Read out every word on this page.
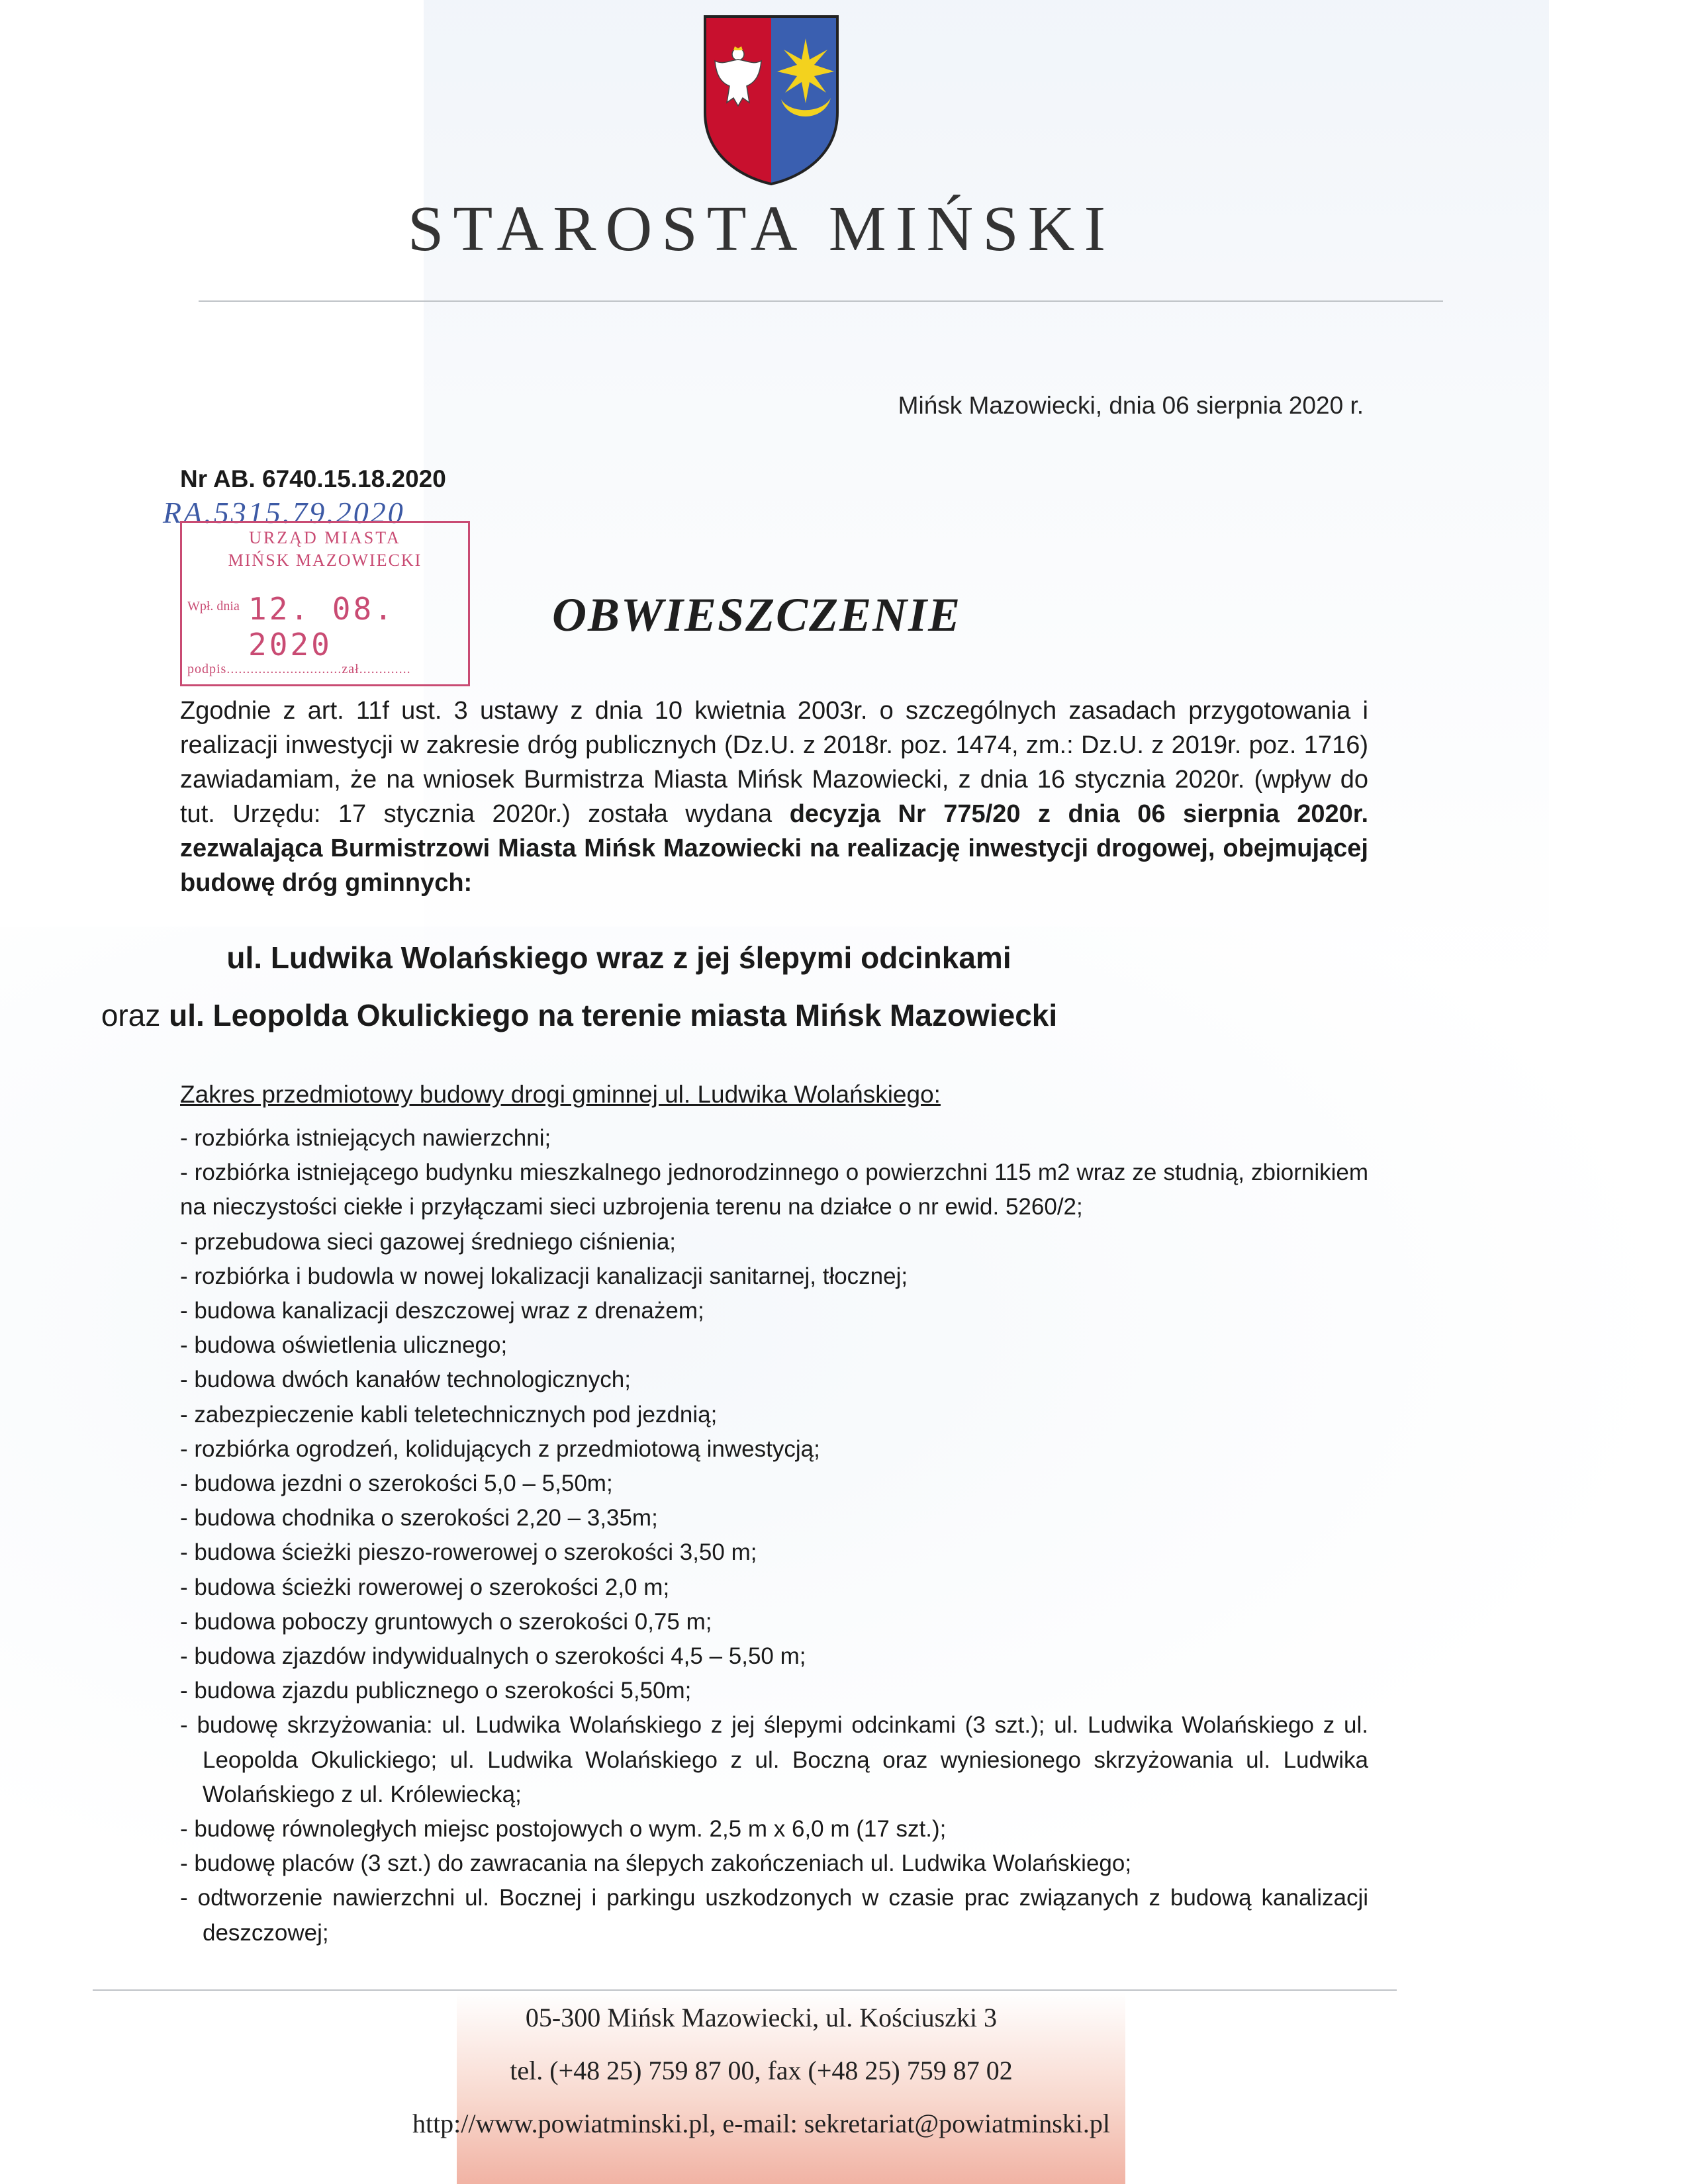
STAROSTA MIŃSKI
Mińsk Mazowiecki, dnia 06 sierpnia 2020 r.
Nr AB. 6740.15.18.2020
RA.5315.79.2020
URZĄD MIASTA
MIŃSK MAZOWIECKI
Wpł. dnia 12. 08. 2020
podpis.............................zał.............
OBWIESZCZENIE
Zgodnie z art. 11f ust. 3 ustawy z dnia 10 kwietnia 2003r. o szczególnych zasadach przygotowania i realizacji inwestycji w zakresie dróg publicznych (Dz.U. z 2018r. poz. 1474, zm.: Dz.U. z 2019r. poz. 1716) zawiadamiam, że na wniosek Burmistrza Miasta Mińsk Mazowiecki, z dnia 16 stycznia 2020r. (wpływ do tut. Urzędu: 17 stycznia 2020r.) została wydana decyzja Nr 775/20 z dnia 06 sierpnia 2020r. zezwalająca Burmistrzowi Miasta Mińsk Mazowiecki na realizację inwestycji drogowej, obejmującej budowę dróg gminnych:
ul. Ludwika Wolańskiego wraz z jej ślepymi odcinkami
oraz ul. Leopolda Okulickiego na terenie miasta Mińsk Mazowiecki
Zakres przedmiotowy budowy drogi gminnej ul. Ludwika Wolańskiego:
- rozbiórka istniejących nawierzchni;
- rozbiórka istniejącego budynku mieszkalnego jednorodzinnego o powierzchni 115 m2 wraz ze studnią, zbiornikiem na nieczystości ciekłe i przyłączami sieci uzbrojenia terenu na działce o nr ewid. 5260/2;
- przebudowa sieci gazowej średniego ciśnienia;
- rozbiórka i budowla w nowej lokalizacji kanalizacji sanitarnej, tłocznej;
- budowa kanalizacji deszczowej wraz z drenażem;
- budowa oświetlenia ulicznego;
- budowa dwóch kanałów technologicznych;
- zabezpieczenie kabli teletechnicznych pod jezdnią;
- rozbiórka ogrodzeń, kolidujących z przedmiotową inwestycją;
- budowa jezdni o szerokości 5,0 – 5,50m;
- budowa chodnika o szerokości 2,20 – 3,35m;
- budowa ścieżki pieszo-rowerowej o szerokości 3,50 m;
- budowa ścieżki rowerowej o szerokości 2,0 m;
- budowa poboczy gruntowych o szerokości 0,75 m;
- budowa zjazdów indywidualnych o szerokości 4,5 – 5,50 m;
- budowa zjazdu publicznego o szerokości 5,50m;
- budowę skrzyżowania: ul. Ludwika Wolańskiego z jej ślepymi odcinkami (3 szt.); ul. Ludwika Wolańskiego z ul. Leopolda Okulickiego; ul. Ludwika Wolańskiego z ul. Boczną oraz wyniesionego skrzyżowania ul. Ludwika Wolańskiego z ul. Królewiecką;
- budowę równoległych miejsc postojowych o wym. 2,5 m x 6,0 m (17 szt.);
- budowę placów (3 szt.) do zawracania na ślepych zakończeniach ul. Ludwika Wolańskiego;
- odtworzenie nawierzchni ul. Bocznej i parkingu uszkodzonych w czasie prac związanych z budową kanalizacji deszczowej;
05-300 Mińsk Mazowiecki, ul. Kościuszki 3
tel. (+48 25) 759 87 00, fax (+48 25) 759 87 02
http://www.powiatminski.pl, e-mail: sekretariat@powiatminski.pl
